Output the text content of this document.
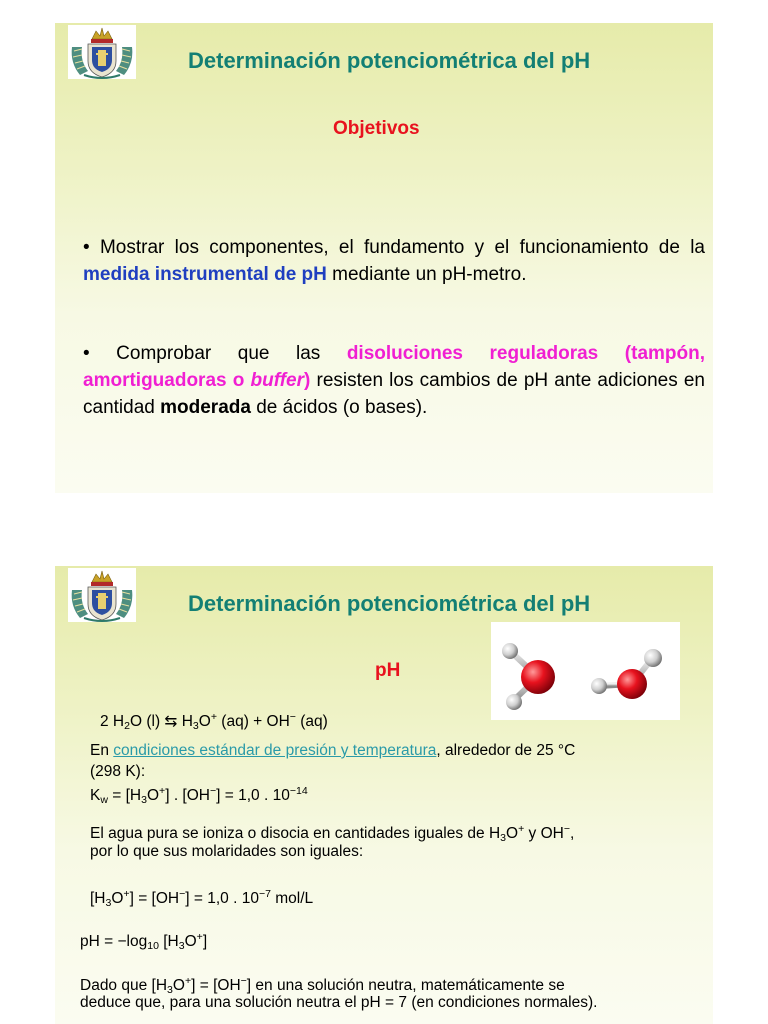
Determinación potenciométrica del pH
Objetivos
• Mostrar los componentes, el fundamento y el funcionamiento de la medida instrumental de pH mediante un pH-metro.
• Comprobar que las disoluciones reguladoras (tampón, amortiguadoras o buffer) resisten los cambios de pH ante adiciones en cantidad moderada de ácidos (o bases).
Determinación potenciométrica del pH
pH
2 $H_2O$ (l) ⇆ $H_3O^+$ (aq) + OH− (aq)
En condiciones estándar de presión y temperatura, alrededor de 25 °C
(298 K):
$K_w = [H_3O^+]$ . [OH−] = 1,0 . $10^{-14}$
El agua pura se ioniza o disocia en cantidades iguales de $H_3O^+$ y OH−,
por lo que sus molaridades son iguales:
$[H_3O^+] = [OH^-] = 1,0$ . $10^{-7}$ mol/L
pH = $-\log_{10}$ $[H_3O^+]$
Dado que $[H_3O^+] = [OH^-]$ en una solución neutra, matemáticamente se
deduce que, para una solución neutra el pH = 7 (en condiciones normales).
